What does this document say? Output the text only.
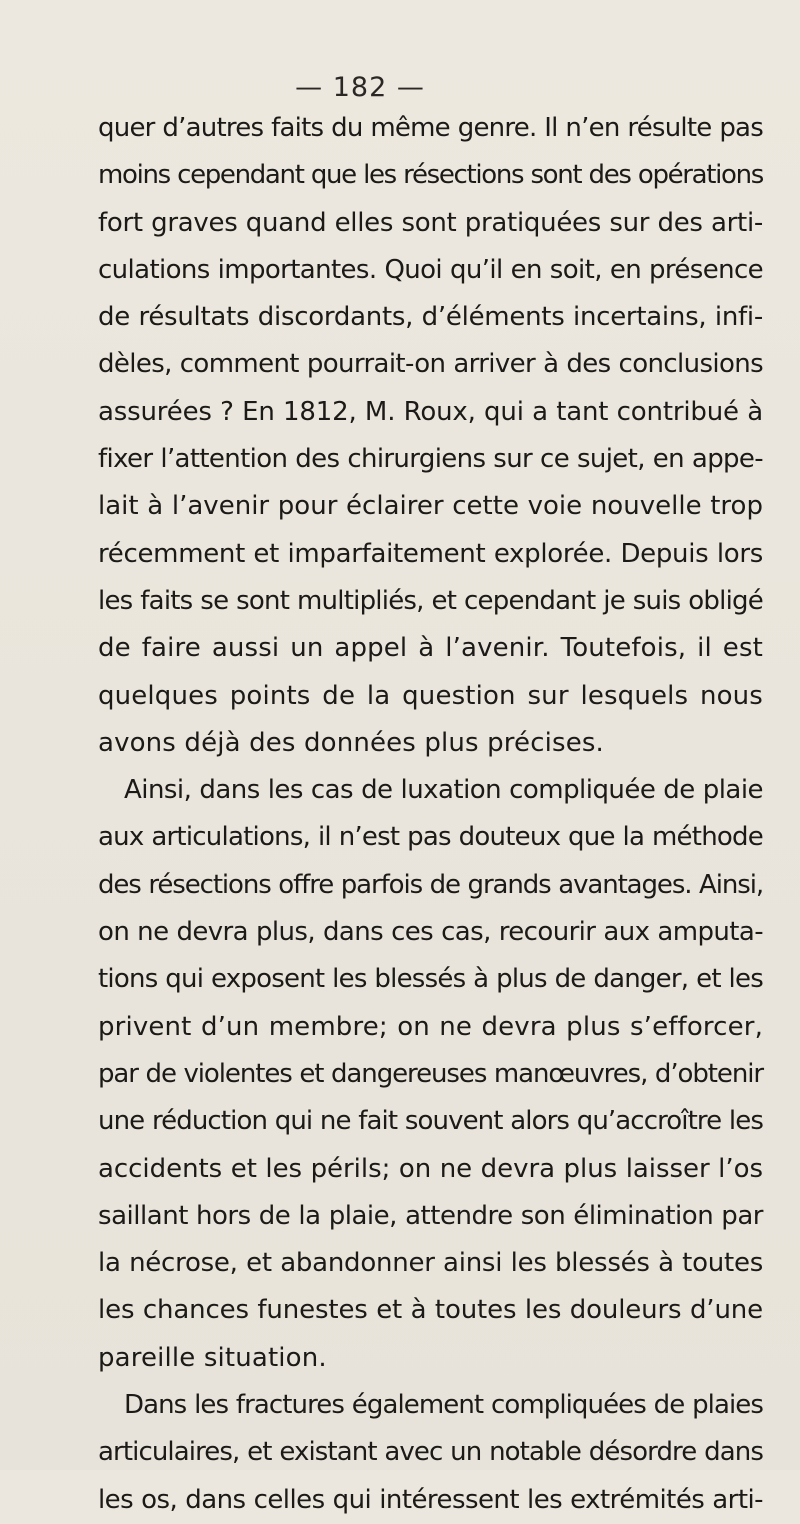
— 182 —
quer d’autres faits du même genre. Il n’en résulte pas
moins cependant que les résections sont des opérations
fort graves quand elles sont pratiquées sur des arti-
culations importantes. Quoi qu’il en soit, en présence
de résultats discordants, d’éléments incertains, infi-
dèles, comment pourrait-on arriver à des conclusions
assurées ? En 1812, M. Roux, qui a tant contribué à
fixer l’attention des chirurgiens sur ce sujet, en appe-
lait à l’avenir pour éclairer cette voie nouvelle trop
récemment et imparfaitement explorée. Depuis lors
les faits se sont multipliés, et cependant je suis obligé
de faire aussi un appel à l’avenir. Toutefois, il est
quelques points de la question sur lesquels nous
avons déjà des données plus précises.
Ainsi, dans les cas de luxation compliquée de plaie
aux articulations, il n’est pas douteux que la méthode
des résections offre parfois de grands avantages. Ainsi,
on ne devra plus, dans ces cas, recourir aux amputa-
tions qui exposent les blessés à plus de danger, et les
privent d’un membre; on ne devra plus s’efforcer,
par de violentes et dangereuses manœuvres, d’obtenir
une réduction qui ne fait souvent alors qu’accroître les
accidents et les périls; on ne devra plus laisser l’os
saillant hors de la plaie, attendre son élimination par
la nécrose, et abandonner ainsi les blessés à toutes
les chances funestes et à toutes les douleurs d’une
pareille situation.
Dans les fractures également compliquées de plaies
articulaires, et existant avec un notable désordre dans
les os, dans celles qui intéressent les extrémités arti-
